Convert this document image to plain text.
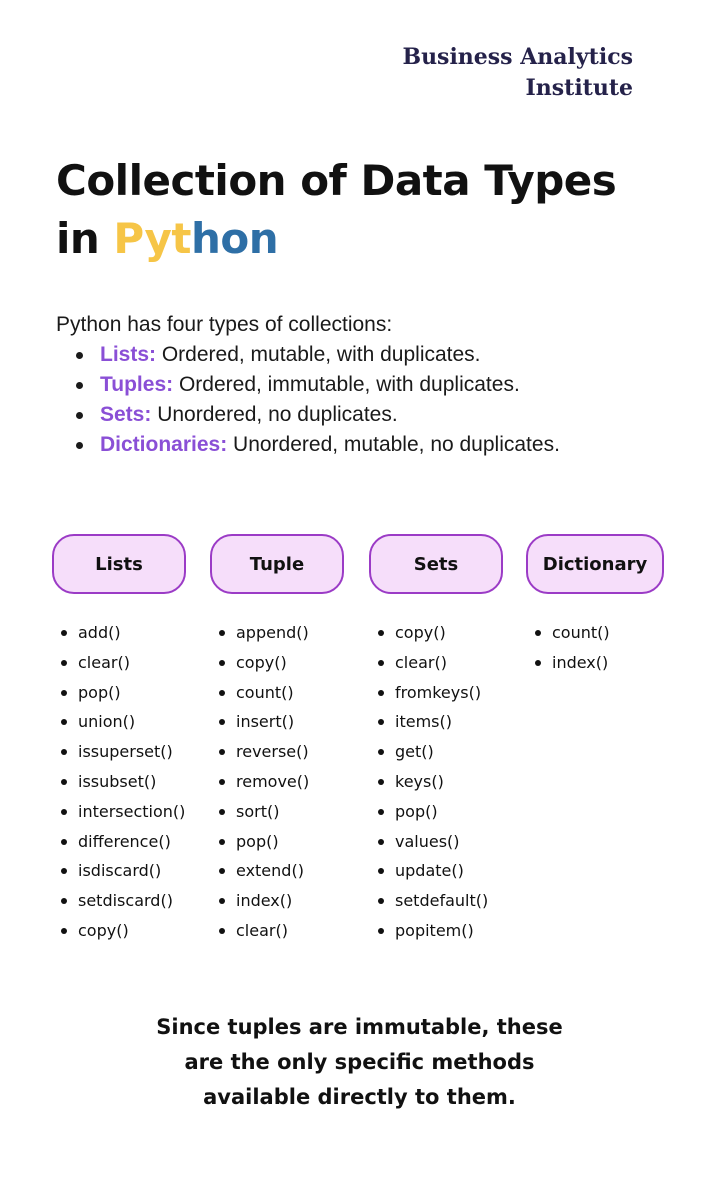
Business Analytics
Institute
Collection of Data Types
in Python
Python has four types of collections:
Lists: Ordered, mutable, with duplicates.
Tuples: Ordered, immutable, with duplicates.
Sets: Unordered, no duplicates.
Dictionaries: Unordered, mutable, no duplicates.
Lists
add()
clear()
pop()
union()
issuperset()
issubset()
intersection()
difference()
isdiscard()
setdiscard()
copy()
Tuple
append()
copy()
count()
insert()
reverse()
remove()
sort()
pop()
extend()
index()
clear()
Sets
copy()
clear()
fromkeys()
items()
get()
keys()
pop()
values()
update()
setdefault()
popitem()
Dictionary
count()
index()
Since tuples are immutable, these
are the only specific methods
available directly to them.
